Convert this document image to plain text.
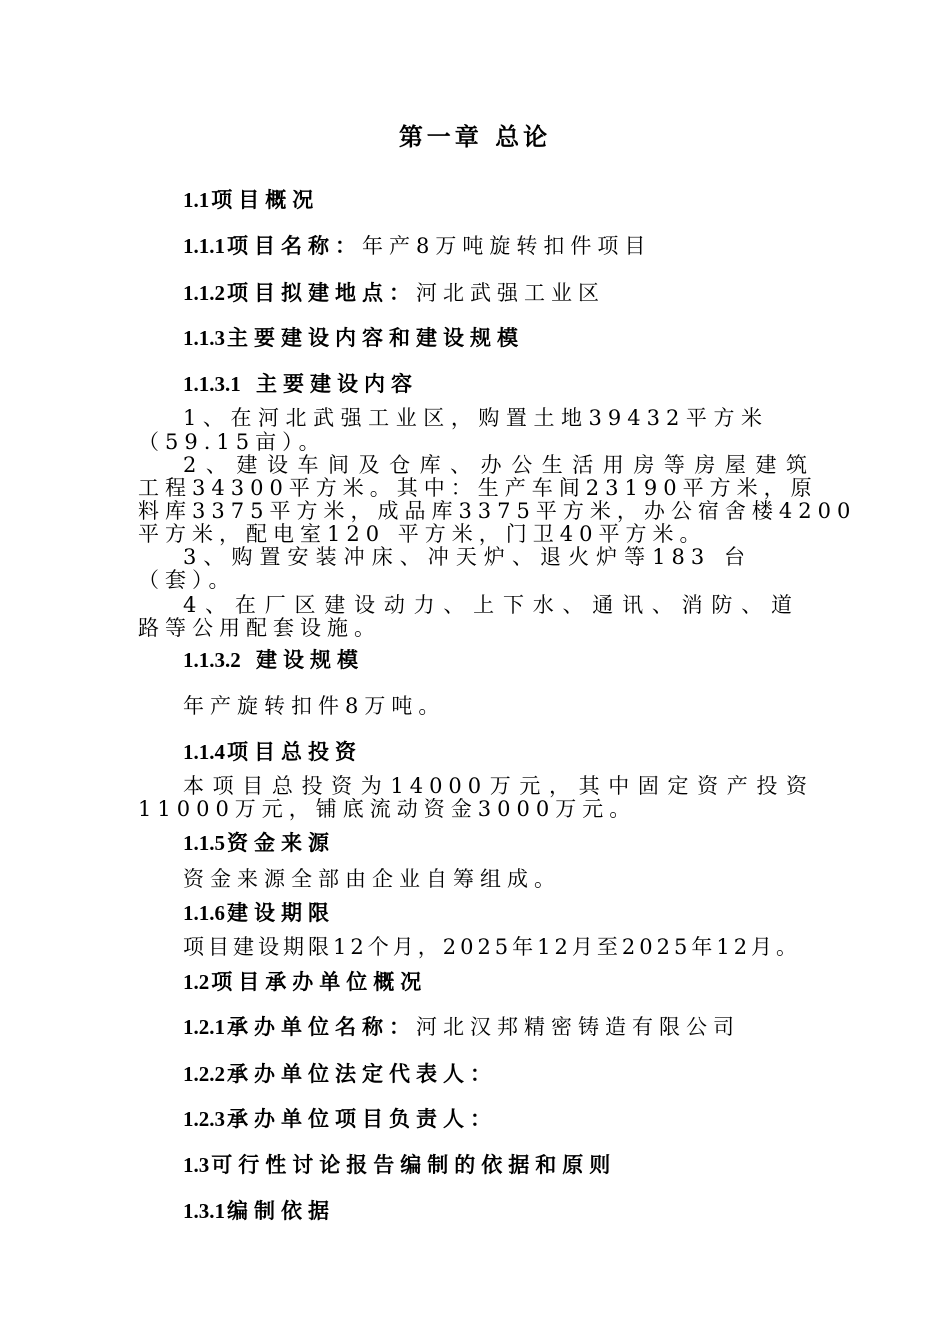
第一章 总论
1.1项目概况
1.1.1项目名称：年产8万吨旋转扣件项目
1.1.2项目拟建地点：河北武强工业区
1.1.3主要建设内容和建设规模
1.1.3.1 主要建设内容
1、在河北武强工业区，购置土地39432平方米
（59.15亩）。
2、建设车间及仓库、办公生活用房等房屋建筑
工程34300平方米。其中：生产车间23190平方米，原
料库3375平方米，成品库3375平方米，办公宿舍楼4200
平方米，配电室120 平方米，门卫40平方米。
3、购置安装冲床、冲天炉、退火炉等183 台
（套）。
4、在厂区建设动力、上下水、通讯、消防、道
路等公用配套设施。
1.1.3.2 建设规模
年产旋转扣件8万吨。
1.1.4项目总投资
本项目总投资为14000万元，其中固定资产投资
11000万元，铺底流动资金3000万元。
1.1.5资金来源
资金来源全部由企业自筹组成。
1.1.6建设期限
项目建设期限12个月，2025年12月至2025年12月。
1.2项目承办单位概况
1.2.1承办单位名称：河北汉邦精密铸造有限公司
1.2.2承办单位法定代表人：
1.2.3承办单位项目负责人：
1.3可行性讨论报告编制的依据和原则
1.3.1编制依据
